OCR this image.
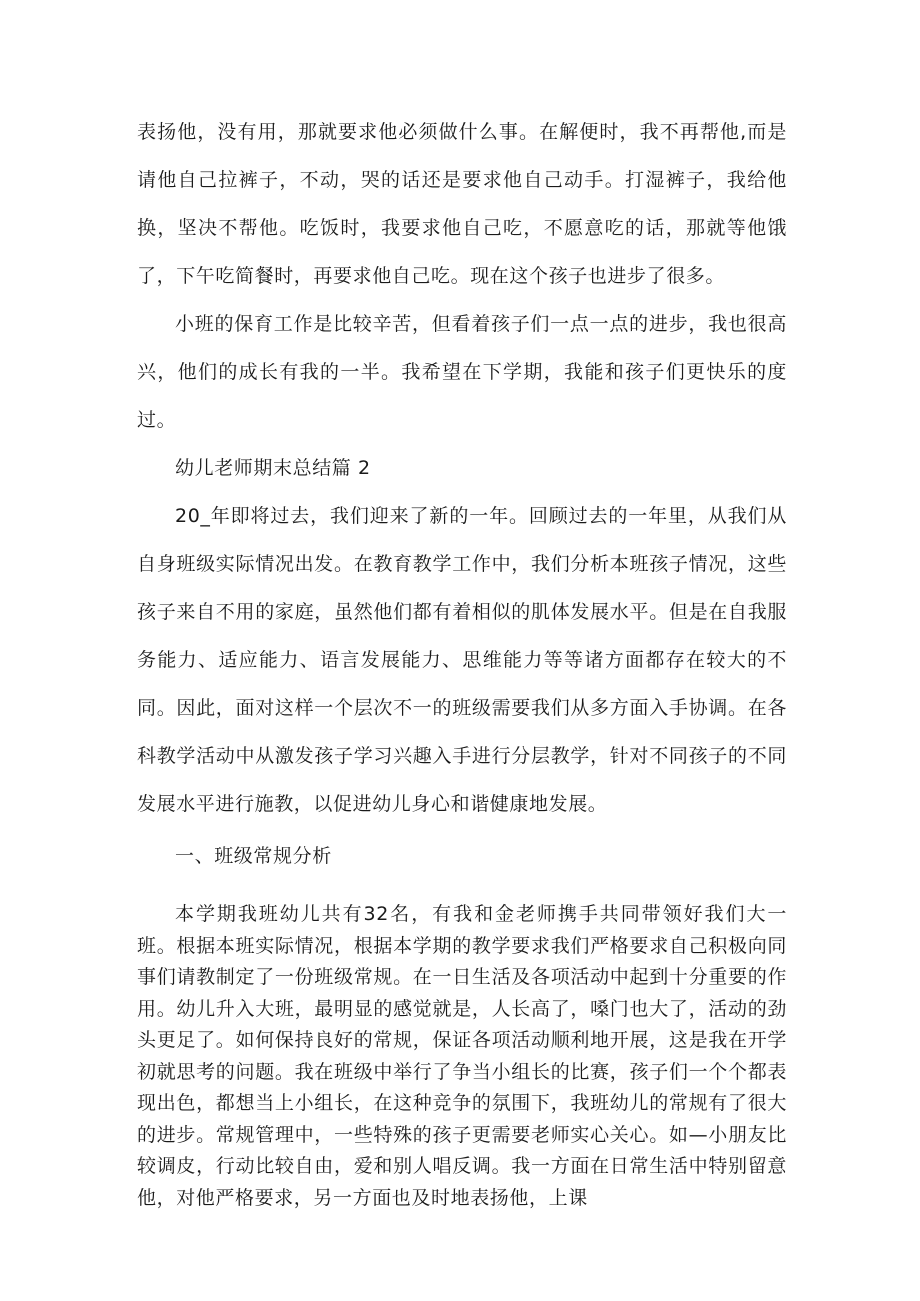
表扬他，没有用，那就要求他必须做什么事。在解便时，我不再帮他,而是请他自己拉裤子，不动，哭的话还是要求他自己动手。打湿裤子，我给他换，坚决不帮他。吃饭时，我要求他自己吃，不愿意吃的话，那就等他饿了，下午吃简餐时，再要求他自己吃。现在这个孩子也进步了很多。

小班的保育工作是比较辛苦，但看着孩子们一点一点的进步，我也很高兴，他们的成长有我的一半。我希望在下学期，我能和孩子们更快乐的度过。

幼儿老师期末总结篇 2

20_年即将过去，我们迎来了新的一年。回顾过去的一年里，从我们从自身班级实际情况出发。在教育教学工作中，我们分析本班孩子情况，这些孩子来自不用的家庭，虽然他们都有着相似的肌体发展水平。但是在自我服务能力、适应能力、语言发展能力、思维能力等等诸方面都存在较大的不同。因此，面对这样一个层次不一的班级需要我们从多方面入手协调。在各科教学活动中从激发孩子学习兴趣入手进行分层教学，针对不同孩子的不同发展水平进行施教，以促进幼儿身心和谐健康地发展。

一、班级常规分析

本学期我班幼儿共有32名，有我和金老师携手共同带领好我们大一班。根据本班实际情况，根据本学期的教学要求我们严格要求自己积极向同事们请教制定了一份班级常规。在一日生活及各项活动中起到十分重要的作用。幼儿升入大班，最明显的感觉就是，人长高了，嗓门也大了，活动的劲头更足了。如何保持良好的常规，保证各项活动顺利地开展，这是我在开学初就思考的问题。我在班级中举行了争当小组长的比赛，孩子们一个个都表现出色，都想当上小组长，在这种竞争的氛围下，我班幼儿的常规有了很大的进步。常规管理中，一些特殊的孩子更需要老师实心关心。如—小朋友比较调皮，行动比较自由，爱和别人唱反调。我一方面在日常生活中特别留意他，对他严格要求，另一方面也及时地表扬他，上课
